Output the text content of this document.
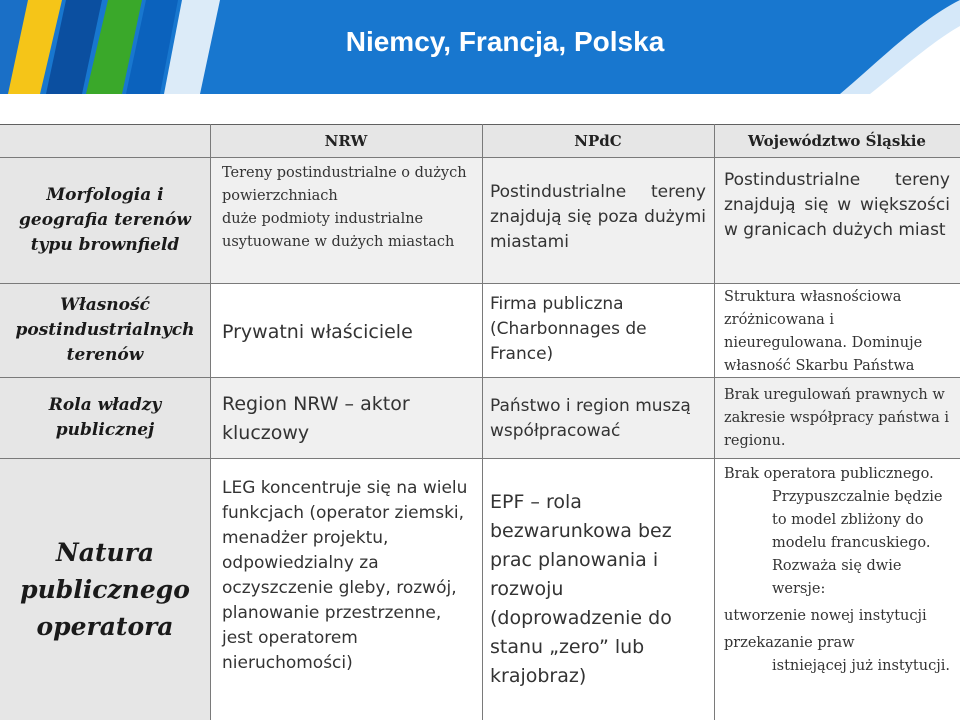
Niemcy, Francja, Polska
NRW	NPdC	Województwo Śląskie
Morfologia i geografia terenów typu brownfield
Własność postindustrialnych terenów
Rola władzy publicznej
Natura publicznego operatora

Tereny postindustrialne o dużych powierzchniach

duże podmioty industrialne usytuowane w dużych miastach

Postindustrialne tereny znajdują się poza dużymi miastami
Postindustrialne tereny znajdują się w większości w granicach dużych miast
Prywatni właściciele
Firma publiczna (Charbonnages de France)
Struktura własnościowa zróżnicowana i nieuregulowana. Dominuje własność Skarbu Państwa
Region NRW – aktor kluczowy
Państwo i region muszą współpracować
Brak uregulowań prawnych w zakresie współpracy państwa i regionu.
LEG koncentruje się na wielu funkcjach (operator ziemski, menadżer projektu, odpowiedzialny za oczyszczenie gleby, rozwój, planowanie przestrzenne, jest operatorem nieruchomości)
EPF – rola bezwarunkowa bez prac planowania i rozwoju (doprowadzenie do stanu „zero” lub krajobraz)

Brak operatora publicznego.

Przypuszczalnie będzie to model zbliżony do modelu francuskiego.

Rozważa się dwie wersje:

utworzenie nowej instytucji

przekazanie praw

istniejącej już instytucji.
